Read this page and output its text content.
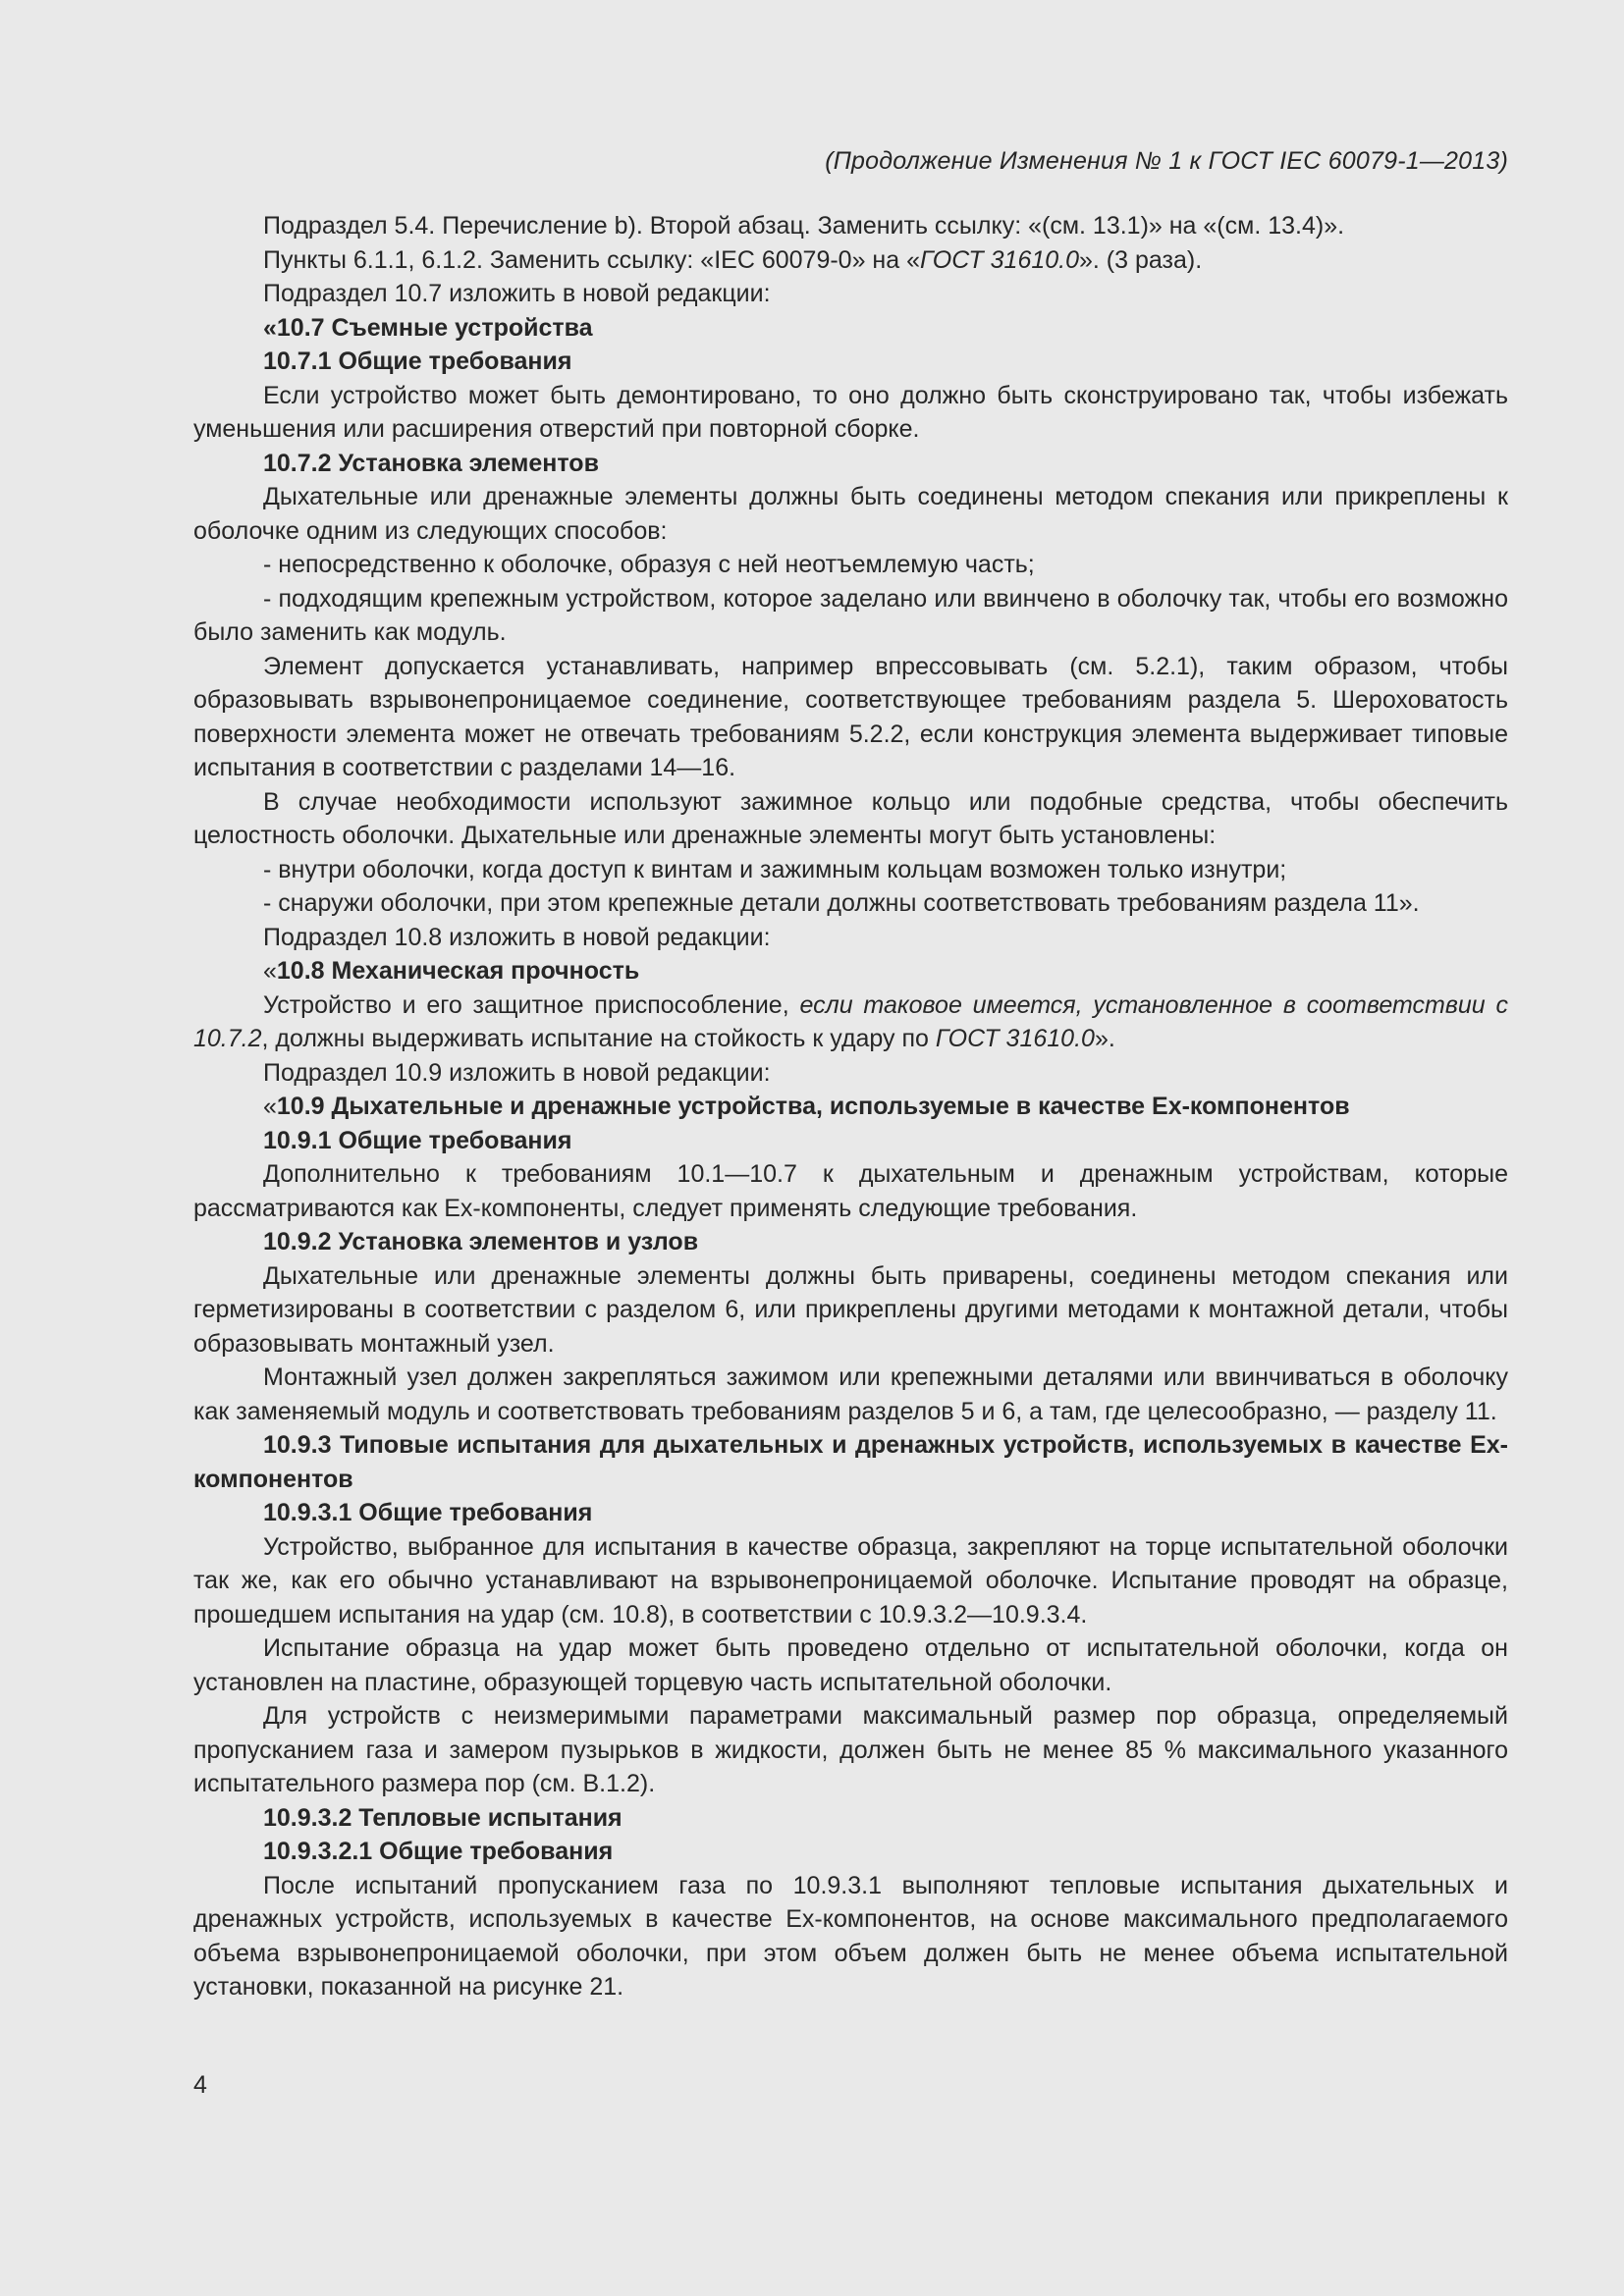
(Продолжение Изменения № 1 к ГОСТ IEC 60079-1—2013)

Подраздел 5.4. Перечисление b). Второй абзац. Заменить ссылку: «(см. 13.1)» на «(см. 13.4)».

Пункты 6.1.1, 6.1.2. Заменить ссылку: «IEC 60079-0» на «ГОСТ 31610.0». (3 раза).

Подраздел 10.7 изложить в новой редакции:

«10.7 Съемные устройства

10.7.1 Общие требования

Если устройство может быть демонтировано, то оно должно быть сконструировано так, чтобы избежать уменьшения или расширения отверстий при повторной сборке.

10.7.2 Установка элементов

Дыхательные или дренажные элементы должны быть соединены методом спекания или прикреплены к оболочке одним из следующих способов:

- непосредственно к оболочке, образуя с ней неотъемлемую часть;

- подходящим крепежным устройством, которое заделано или ввинчено в оболочку так, чтобы его возможно было заменить как модуль.

Элемент допускается устанавливать, например впрессовывать (см. 5.2.1), таким образом, чтобы образовывать взрывонепроницаемое соединение, соответствующее требованиям раздела 5. Шероховатость поверхности элемента может не отвечать требованиям 5.2.2, если конструкция элемента выдерживает типовые испытания в соответствии с разделами 14—16.

В случае необходимости используют зажимное кольцо или подобные средства, чтобы обеспечить целостность оболочки. Дыхательные или дренажные элементы могут быть установлены:

- внутри оболочки, когда доступ к винтам и зажимным кольцам возможен только изнутри;

- снаружи оболочки, при этом крепежные детали должны соответствовать требованиям раздела 11».

Подраздел 10.8 изложить в новой редакции:

«10.8 Механическая прочность

Устройство и его защитное приспособление, если таковое имеется, установленное в соответствии с 10.7.2, должны выдерживать испытание на стойкость к удару по ГОСТ 31610.0».

Подраздел 10.9 изложить в новой редакции:

«10.9 Дыхательные и дренажные устройства, используемые в качестве Ex-компонентов

10.9.1 Общие требования

Дополнительно к требованиям 10.1—10.7 к дыхательным и дренажным устройствам, которые рассматриваются как Ex-компоненты, следует применять следующие требования.

10.9.2 Установка элементов и узлов

Дыхательные или дренажные элементы должны быть приварены, соединены методом спекания или герметизированы в соответствии с разделом 6, или прикреплены другими методами к монтажной детали, чтобы образовывать монтажный узел.

Монтажный узел должен закрепляться зажимом или крепежными деталями или ввинчиваться в оболочку как заменяемый модуль и соответствовать требованиям разделов 5 и 6, а там, где целесообразно, — разделу 11.

10.9.3 Типовые испытания для дыхательных и дренажных устройств, используемых в качестве Ex-компонентов

10.9.3.1 Общие требования

Устройство, выбранное для испытания в качестве образца, закрепляют на торце испытательной оболочки так же, как его обычно устанавливают на взрывонепроницаемой оболочке. Испытание проводят на образце, прошедшем испытания на удар (см. 10.8), в соответствии с 10.9.3.2—10.9.3.4.

Испытание образца на удар может быть проведено отдельно от испытательной оболочки, когда он установлен на пластине, образующей торцевую часть испытательной оболочки.

Для устройств с неизмеримыми параметрами максимальный размер пор образца, определяемый пропусканием газа и замером пузырьков в жидкости, должен быть не менее 85 % максимального указанного испытательного размера пор (см. В.1.2).

10.9.3.2 Тепловые испытания

10.9.3.2.1 Общие требования

После испытаний пропусканием газа по 10.9.3.1 выполняют тепловые испытания дыхательных и дренажных устройств, используемых в качестве Ex-компонентов, на основе максимального предполагаемого объема взрывонепроницаемой оболочки, при этом объем должен быть не менее объема испытательной установки, показанной на рисунке 21.

4
